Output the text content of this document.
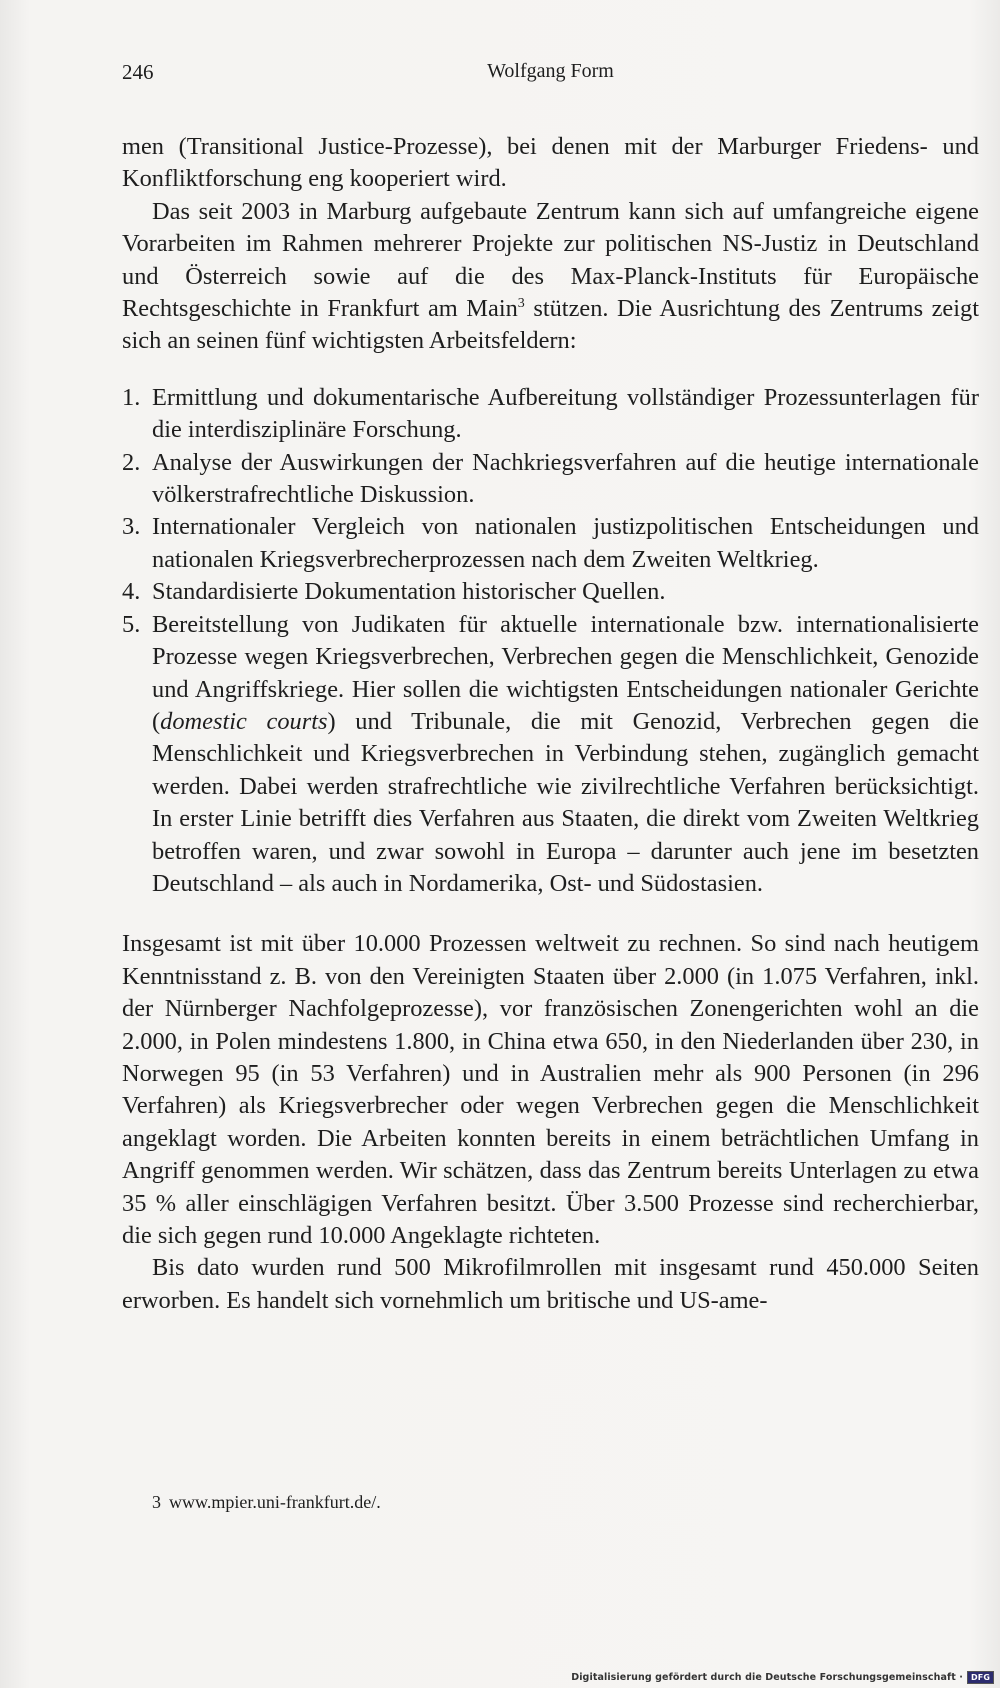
246	Wolfgang Form

men (Transitional Justice-Prozesse), bei denen mit der Marburger Friedens- und Konfliktforschung eng kooperiert wird.

Das seit 2003 in Marburg aufgebaute Zentrum kann sich auf umfangreiche eigene Vorarbeiten im Rahmen mehrerer Projekte zur politischen NS-Justiz in Deutschland und Österreich sowie auf die des Max-Planck-Instituts für Europäische Rechtsgeschichte in Frankfurt am Main$^3$ stützen. Die Ausrichtung des Zentrums zeigt sich an seinen fünf wichtigsten Arbeitsfeldern:

1. Ermittlung und dokumentarische Aufbereitung vollständiger Prozessunterlagen für die interdisziplinäre Forschung.
2. Analyse der Auswirkungen der Nachkriegsverfahren auf die heutige internationale völkerstrafrechtliche Diskussion.
3. Internationaler Vergleich von nationalen justizpolitischen Entscheidungen und nationalen Kriegsverbrecherprozessen nach dem Zweiten Weltkrieg.
4. Standardisierte Dokumentation historischer Quellen.
5. Bereitstellung von Judikaten für aktuelle internationale bzw. internationalisierte Prozesse wegen Kriegsverbrechen, Verbrechen gegen die Menschlichkeit, Genozide und Angriffskriege. Hier sollen die wichtigsten Entscheidungen nationaler Gerichte (domestic courts) und Tribunale, die mit Genozid, Verbrechen gegen die Menschlichkeit und Kriegsverbrechen in Verbindung stehen, zugänglich gemacht werden. Dabei werden strafrechtliche wie zivilrechtliche Verfahren berücksichtigt. In erster Linie betrifft dies Verfahren aus Staaten, die direkt vom Zweiten Weltkrieg betroffen waren, und zwar sowohl in Europa – darunter auch jene im besetzten Deutschland – als auch in Nordamerika, Ost- und Südostasien.

Insgesamt ist mit über 10.000 Prozessen weltweit zu rechnen. So sind nach heutigem Kenntnisstand z. B. von den Vereinigten Staaten über 2.000 (in 1.075 Verfahren, inkl. der Nürnberger Nachfolgeprozesse), vor französischen Zonengerichten wohl an die 2.000, in Polen mindestens 1.800, in China etwa 650, in den Niederlanden über 230, in Norwegen 95 (in 53 Verfahren) und in Australien mehr als 900 Personen (in 296 Verfahren) als Kriegsverbrecher oder wegen Verbrechen gegen die Menschlichkeit angeklagt worden. Die Arbeiten konnten bereits in einem beträchtlichen Umfang in Angriff genommen werden. Wir schätzen, dass das Zentrum bereits Unterlagen zu etwa 35 % aller einschlägigen Verfahren besitzt. Über 3.500 Prozesse sind recherchierbar, die sich gegen rund 10.000 Angeklagte richteten.

Bis dato wurden rund 500 Mikrofilmrollen mit insgesamt rund 450.000 Seiten erworben. Es handelt sich vornehmlich um britische und US-ame-

3 www.mpier.uni-frankfurt.de/.
Digitalisierung gefördert durch die Deutsche Forschungsgemeinschaft ·	DFG
